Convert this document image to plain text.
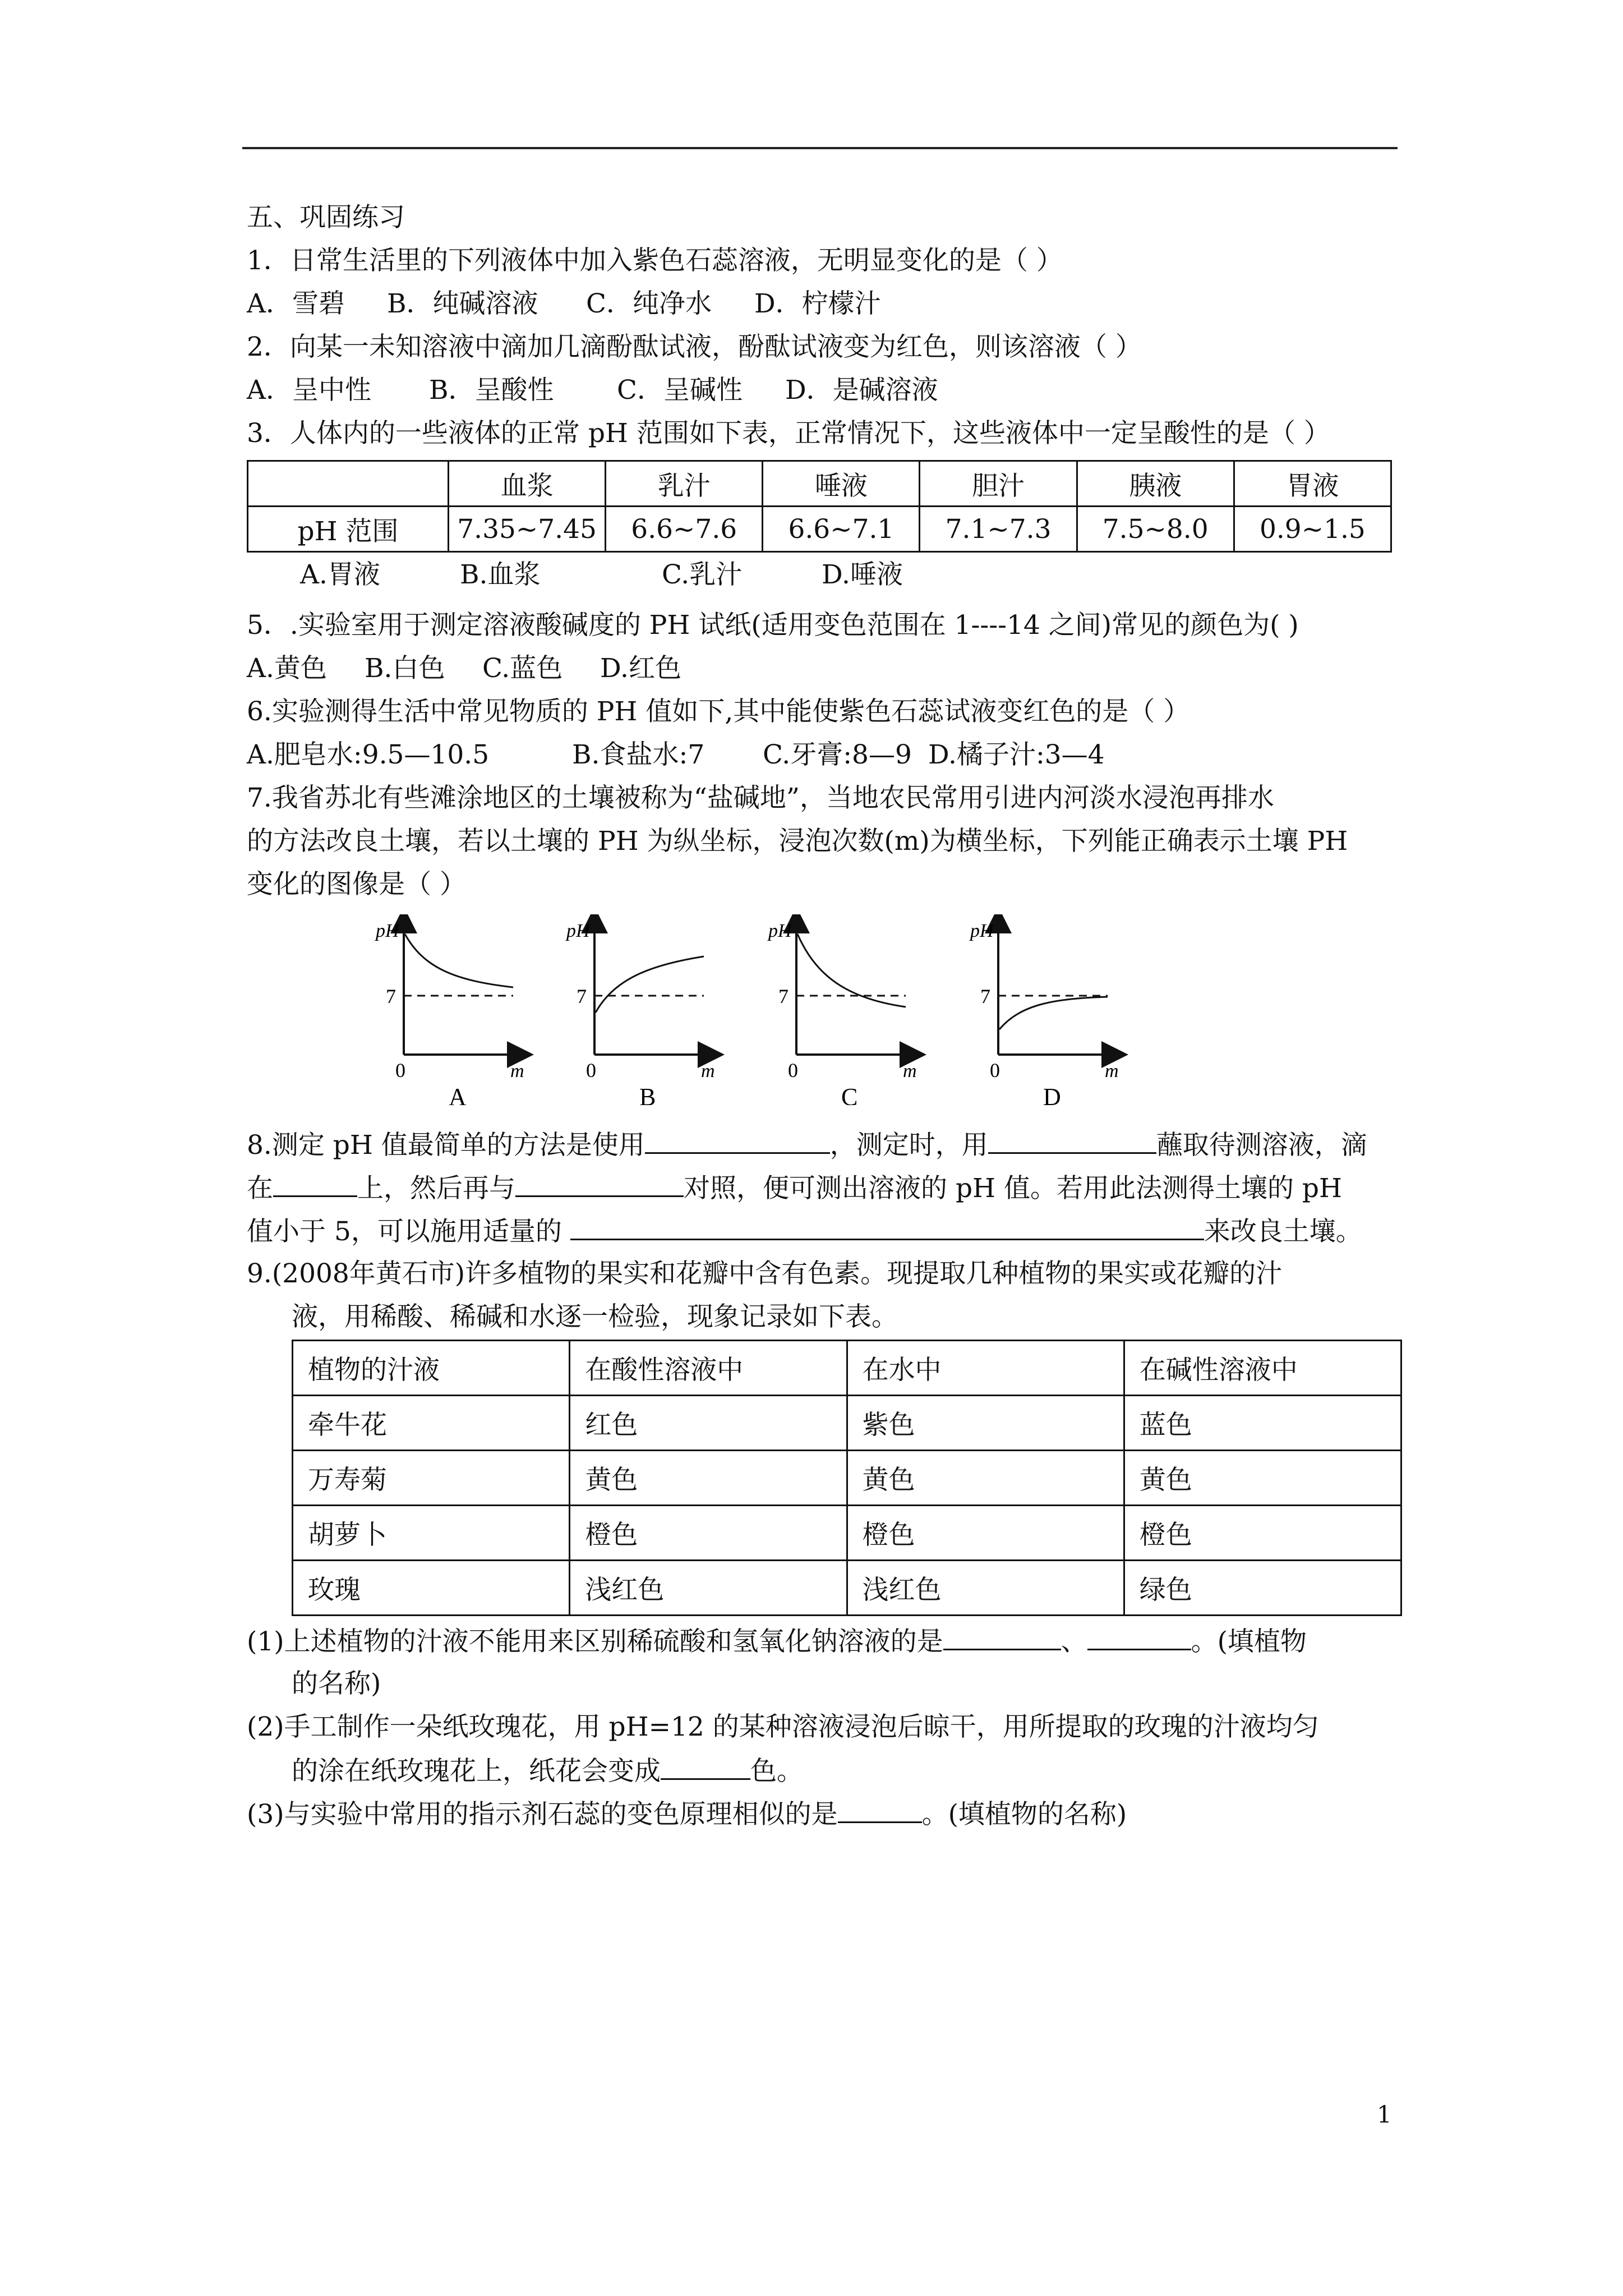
五、巩固练习
1．日常生活里的下列液体中加入紫色石蕊溶液，无明显变化的是（ ）
A．雪碧 B．纯碱溶液 C．纯净水 D．柠檬汁
2．向某一未知溶液中滴加几滴酚酞试液，酚酞试液变为红色，则该溶液（ ）
A．呈中性 B．呈酸性 C．呈碱性 D．是碱溶液
3．人体内的一些液体的正常 pH 范围如下表，正常情况下，这些液体中一定呈酸性的是（ ）
	血浆	乳汁	唾液	胆汁	胰液	胃液
pH 范围	7.35~7.45	6.6~7.6	6.6~7.1	7.1~7.3	7.5~8.0	0.9~1.5
A.胃液	B.血浆	C.乳汁	D.唾液
5．.实验室用于测定溶液酸碱度的 PH 试纸(适用变色范围在 1----14 之间)常见的颜色为( )
A.黄色 B.白色 C.蓝色 D.红色
6.实验测得生活中常见物质的 PH 值如下,其中能使紫色石蕊试液变红色的是（ ）
A.肥皂水:9.5—10.5	B.食盐水:7 C.牙膏:8—9 D.橘子汁:3—4
7.我省苏北有些滩涂地区的土壤被称为“盐碱地”，当地农民常用引进内河淡水浸泡再排水
的方法改良土壤，若以土壤的 PH 为纵坐标，浸泡次数(m)为横坐标，下列能正确表示土壤 PH
变化的图像是（ ）
pH
7
0	m
A
pH
7
0	m
B
pH
7
0	m
C
pH
7
0	m
D
8.测定 pH 值最简单的方法是使用	，测定时，用	蘸取待测溶液，滴
在	上，然后再与	对照，便可测出溶液的 pH 值。若用此法测得土壤的 pH
值小于 5，可以施用适量的	来改良土壤。
9.(2008年黄石市)许多植物的果实和花瓣中含有色素。现提取几种植物的果实或花瓣的汁
液，用稀酸、稀碱和水逐一检验，现象记录如下表。
植物的汁液	在酸性溶液中	在水中	在碱性溶液中
牵牛花	红色	紫色	蓝色
万寿菊	黄色	黄色	黄色
胡萝卜	橙色	橙色	橙色
玫瑰	浅红色	浅红色	绿色
(1)上述植物的汁液不能用来区别稀硫酸和氢氧化钠溶液的是	、	。(填植物
的名称)
(2)手工制作一朵纸玫瑰花，用 pH=12 的某种溶液浸泡后晾干，用所提取的玫瑰的汁液均匀
的涂在纸玫瑰花上，纸花会变成	色。
(3)与实验中常用的指示剂石蕊的变色原理相似的是	。(填植物的名称)
1
